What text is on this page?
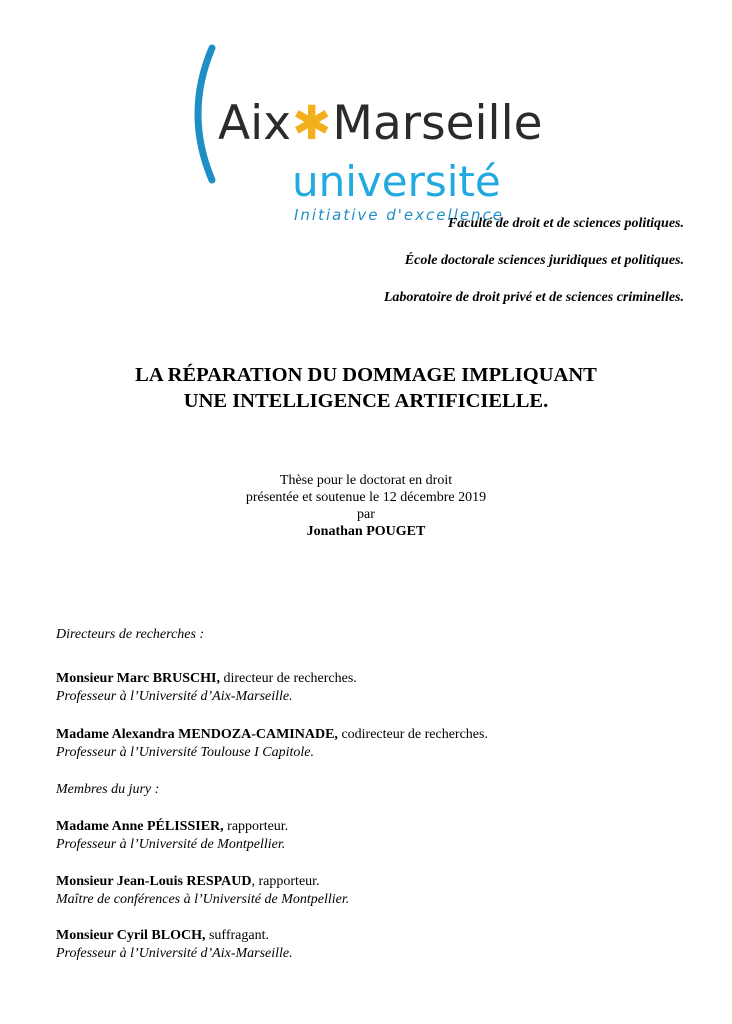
Aix✱Marseille
université
Initiative d'excellence
Faculté de droit et de sciences politiques.
École doctorale sciences juridiques et politiques.
Laboratoire de droit privé et de sciences criminelles.
LA RÉPARATION DU DOMMAGE IMPLIQUANT
UNE INTELLIGENCE ARTIFICIELLE.
Thèse pour le doctorat en droit
présentée et soutenue le 12 décembre 2019
par
Jonathan POUGET
Directeurs de recherches :
Monsieur Marc BRUSCHI, directeur de recherches.
Professeur à l’Université d’Aix-Marseille.
Madame Alexandra MENDOZA-CAMINADE, codirecteur de recherches.
Professeur à l’Université Toulouse I Capitole.
Membres du jury :
Madame Anne PÉLISSIER, rapporteur.
Professeur à l’Université de Montpellier.
Monsieur Jean-Louis RESPAUD, rapporteur.
Maître de conférences à l’Université de Montpellier.
Monsieur Cyril BLOCH, suffragant.
Professeur à l’Université d’Aix-Marseille.
